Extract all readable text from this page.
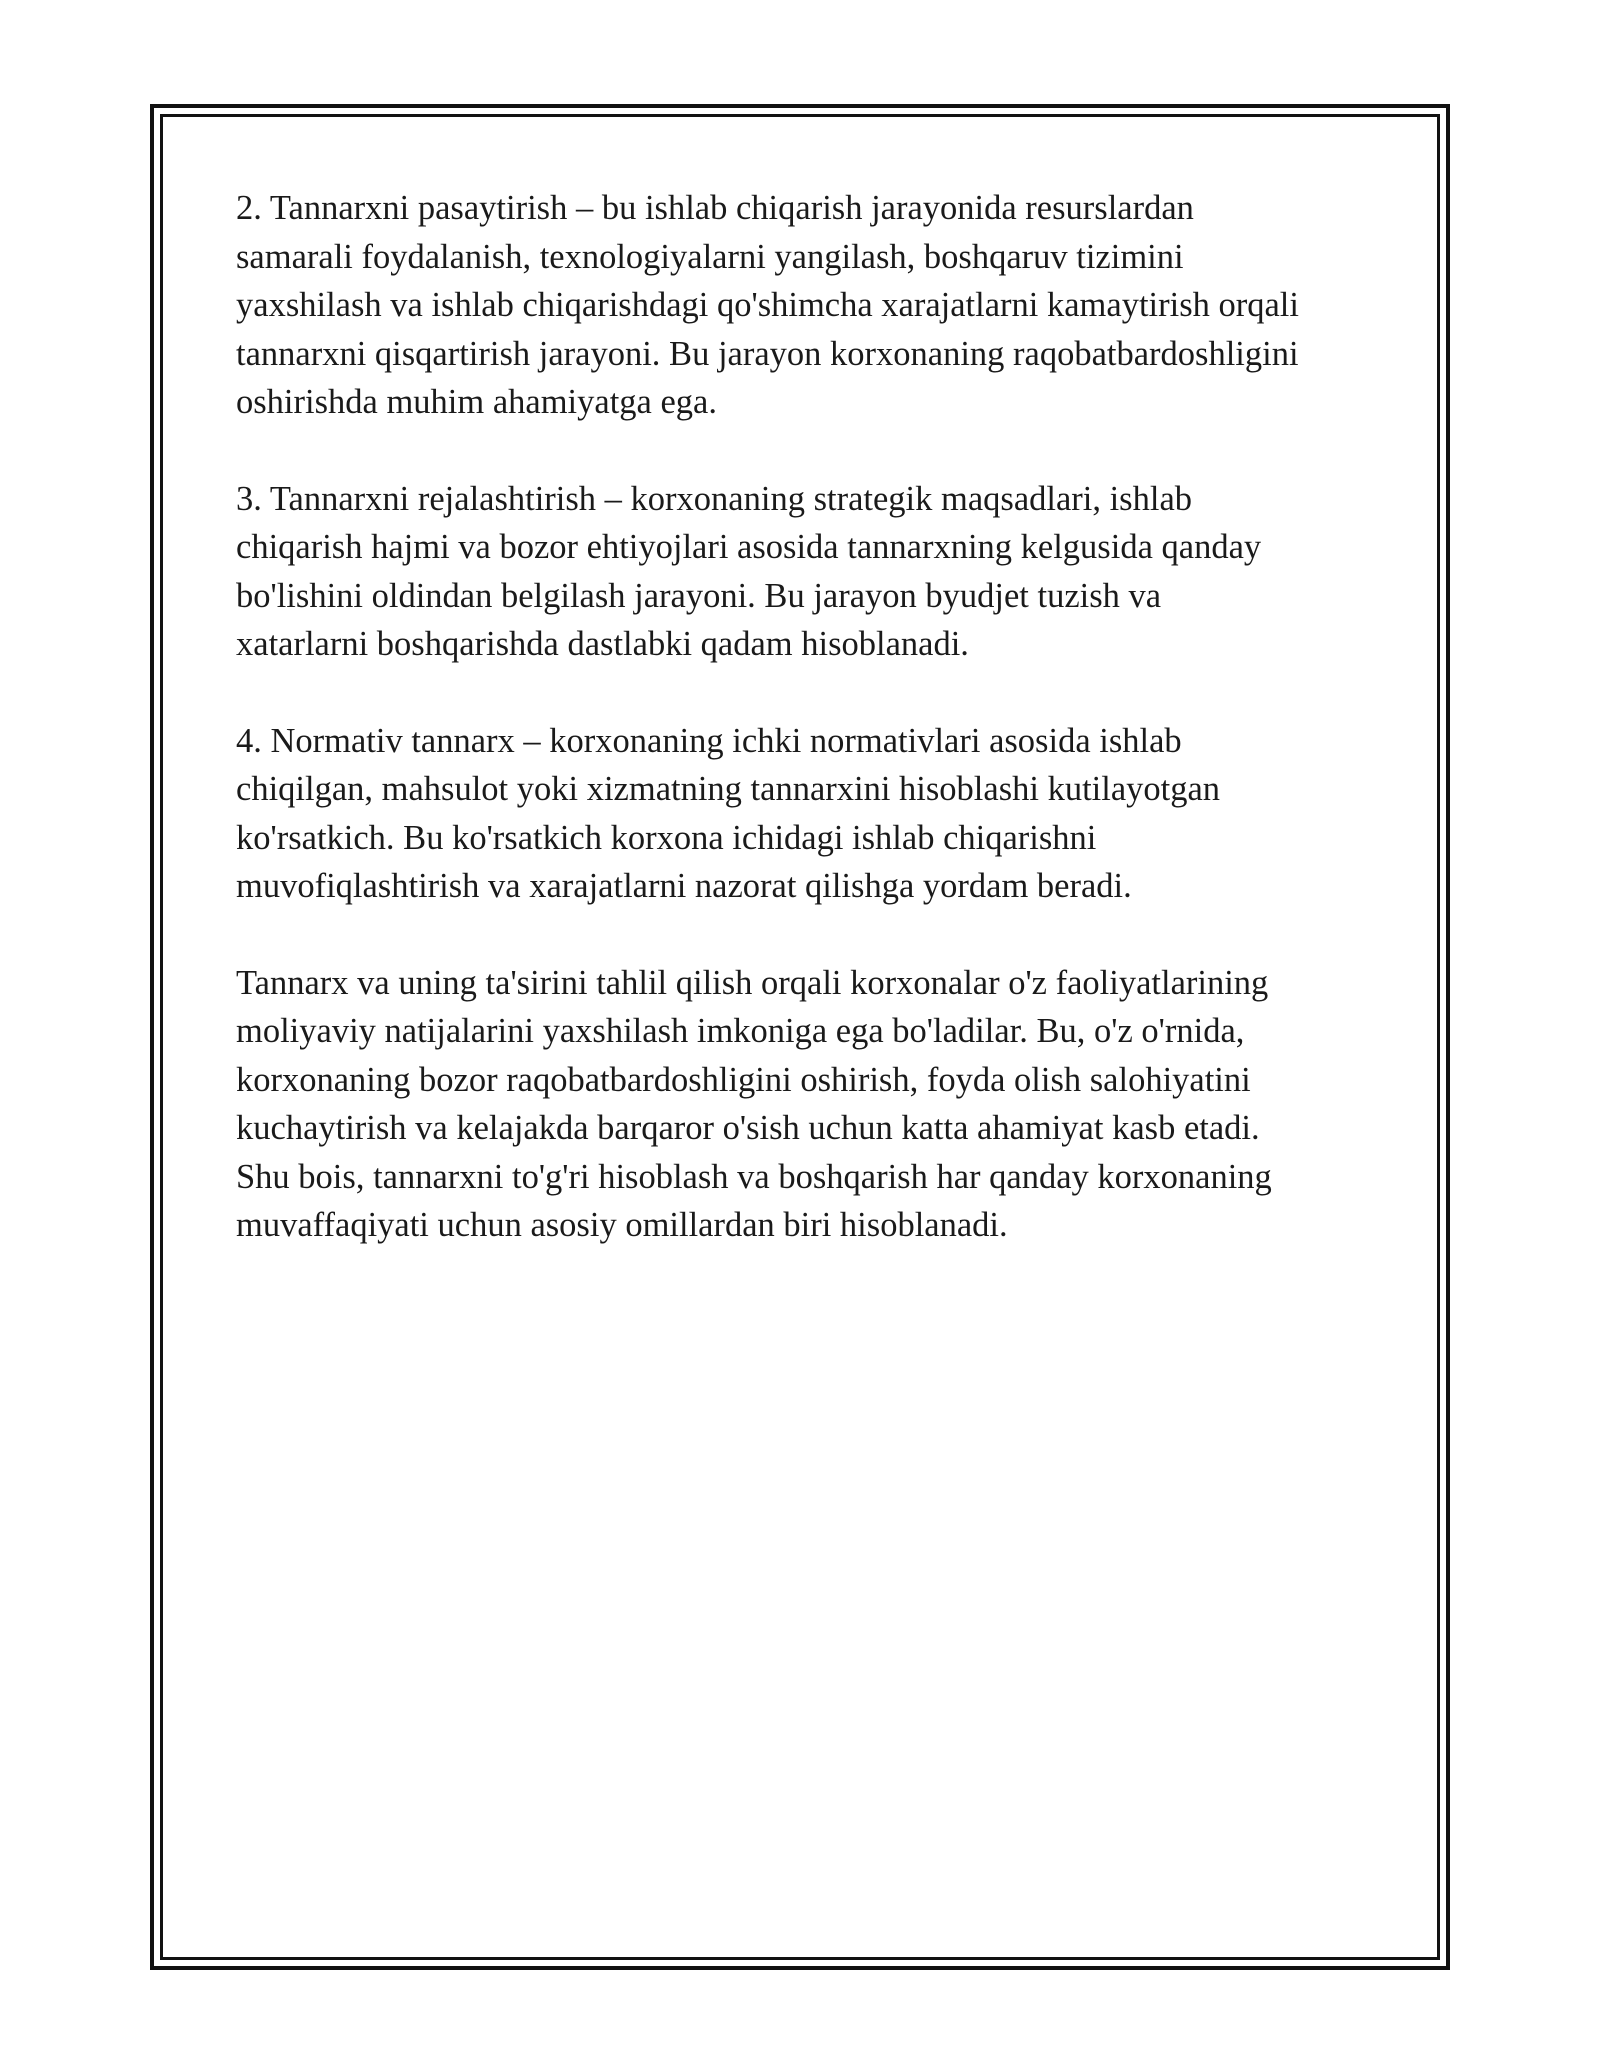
2. Tannarxni pasaytirish – bu ishlab chiqarish jarayonida resurslardan
samarali foydalanish, texnologiyalarni yangilash, boshqaruv tizimini
yaxshilash va ishlab chiqarishdagi qo'shimcha xarajatlarni kamaytirish orqali
tannarxni qisqartirish jarayoni. Bu jarayon korxonaning raqobatbardoshligini
oshirishda muhim ahamiyatga ega.

3. Tannarxni rejalashtirish – korxonaning strategik maqsadlari, ishlab
chiqarish hajmi va bozor ehtiyojlari asosida tannarxning kelgusida qanday
bo'lishini oldindan belgilash jarayoni. Bu jarayon byudjet tuzish va
xatarlarni boshqarishda dastlabki qadam hisoblanadi.

4. Normativ tannarx – korxonaning ichki normativlari asosida ishlab
chiqilgan, mahsulot yoki xizmatning tannarxini hisoblashi kutilayotgan
ko'rsatkich. Bu ko'rsatkich korxona ichidagi ishlab chiqarishni
muvofiqlashtirish va xarajatlarni nazorat qilishga yordam beradi.

Tannarx va uning ta'sirini tahlil qilish orqali korxonalar o'z faoliyatlarining
moliyaviy natijalarini yaxshilash imkoniga ega bo'ladilar. Bu, o'z o'rnida,
korxonaning bozor raqobatbardoshligini oshirish, foyda olish salohiyatini
kuchaytirish va kelajakda barqaror o'sish uchun katta ahamiyat kasb etadi.
Shu bois, tannarxni to'g'ri hisoblash va boshqarish har qanday korxonaning
muvaffaqiyati uchun asosiy omillardan biri hisoblanadi.
